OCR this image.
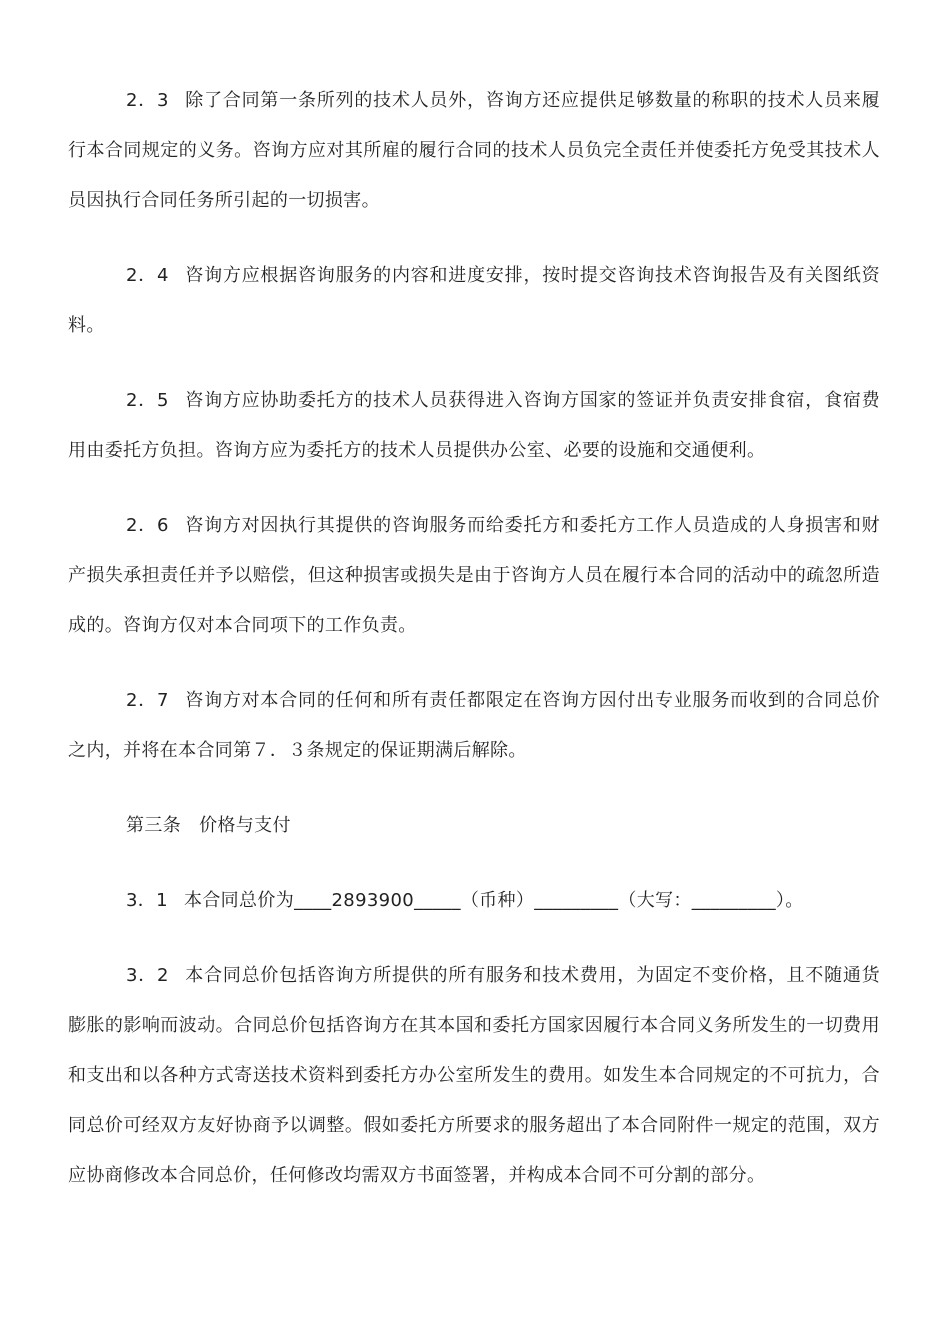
2．3 除了合同第一条所列的技术人员外，咨询方还应提供足够数量的称职的技术人员来履行本合同规定的义务。咨询方应对其所雇的履行合同的技术人员负完全责任并使委托方免受其技术人员因执行合同任务所引起的一切损害。

2．4 咨询方应根据咨询服务的内容和进度安排，按时提交咨询技术咨询报告及有关图纸资料。

2．5 咨询方应协助委托方的技术人员获得进入咨询方国家的签证并负责安排食宿，食宿费用由委托方负担。咨询方应为委托方的技术人员提供办公室、必要的设施和交通便利。

2．6 咨询方对因执行其提供的咨询服务而给委托方和委托方工作人员造成的人身损害和财产损失承担责任并予以赔偿，但这种损害或损失是由于咨询方人员在履行本合同的活动中的疏忽所造成的。咨询方仅对本合同项下的工作负责。

2．7 咨询方对本合同的任何和所有责任都限定在咨询方因付出专业服务而收到的合同总价之内，并将在本合同第７．３条规定的保证期满后解除。

第三条 价格与支付

3．1 本合同总价为____2893900_____（币种）_________（大写：_________）。

3．2 本合同总价包括咨询方所提供的所有服务和技术费用，为固定不变价格，且不随通货膨胀的影响而波动。合同总价包括咨询方在其本国和委托方国家因履行本合同义务所发生的一切费用和支出和以各种方式寄送技术资料到委托方办公室所发生的费用。如发生本合同规定的不可抗力，合同总价可经双方友好协商予以调整。假如委托方所要求的服务超出了本合同附件一规定的范围，双方应协商修改本合同总价，任何修改均需双方书面签署，并构成本合同不可分割的部分。
